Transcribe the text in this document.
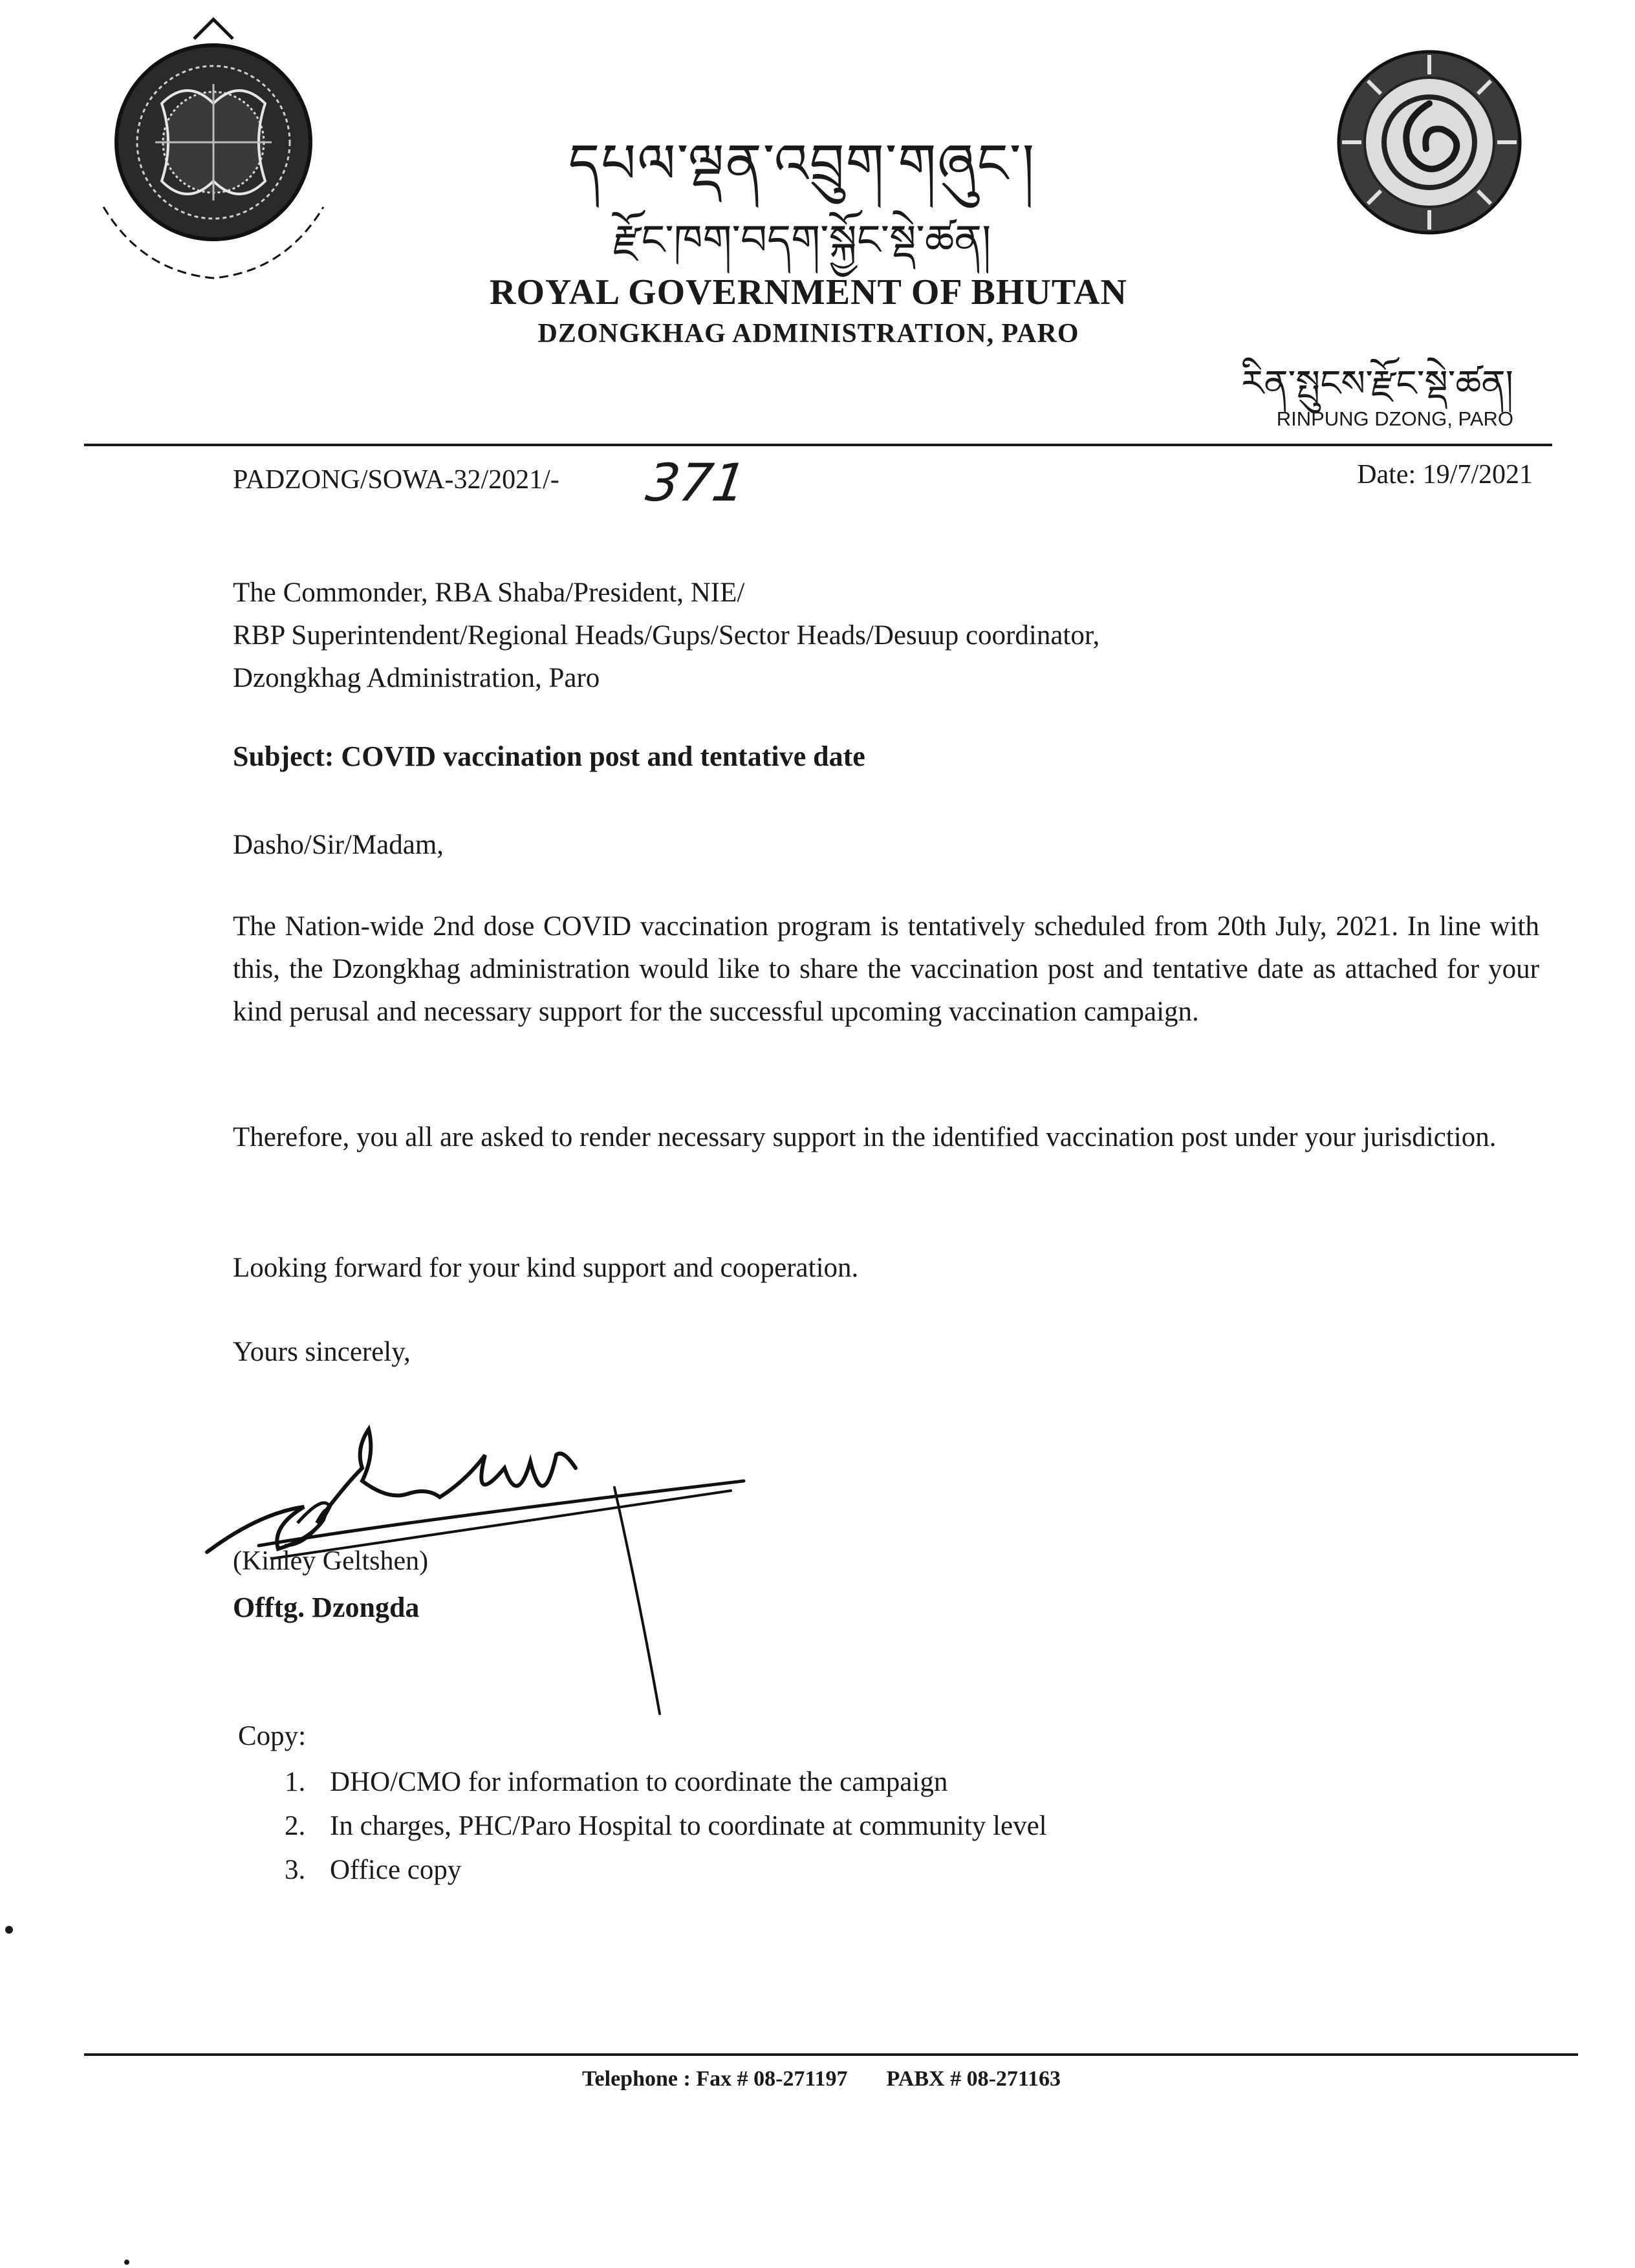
དཔལ་ལྡན་འབྲུག་གཞུང་།
རྫོང་ཁག་བདག་སྐྱོང་སྡེ་ཚན།
ROYAL GOVERNMENT OF BHUTAN
DZONGKHAG ADMINISTRATION, PARO
རིན་སྤུངས་རྫོང་སྡེ་ཚན།
RINPUNG DZONG, PARO
PADZONG/SOWA-32/2021/- 371	Date: 19/7/2021
The Commonder, RBA Shaba/President, NIE/
RBP Superintendent/Regional Heads/Gups/Sector Heads/Desuup coordinator,
Dzongkhag Administration, Paro
Subject: COVID vaccination post and tentative date
Dasho/Sir/Madam,
The Nation-wide 2nd dose COVID vaccination program is tentatively scheduled from 20th July, 2021. In line with this, the Dzongkhag administration would like to share the vaccination post and tentative date as attached for your kind perusal and necessary support for the successful upcoming vaccination campaign.
Therefore, you all are asked to render necessary support in the identified vaccination post under your jurisdiction.
Looking forward for your kind support and cooperation.
Yours sincerely,
(Kinley Geltshen)
Offtg. Dzongda
Copy:
1. DHO/CMO for information to coordinate the campaign
2. In charges, PHC/Paro Hospital to coordinate at community level
3. Office copy
Telephone : Fax # 08-271197 PABX # 08-271163
